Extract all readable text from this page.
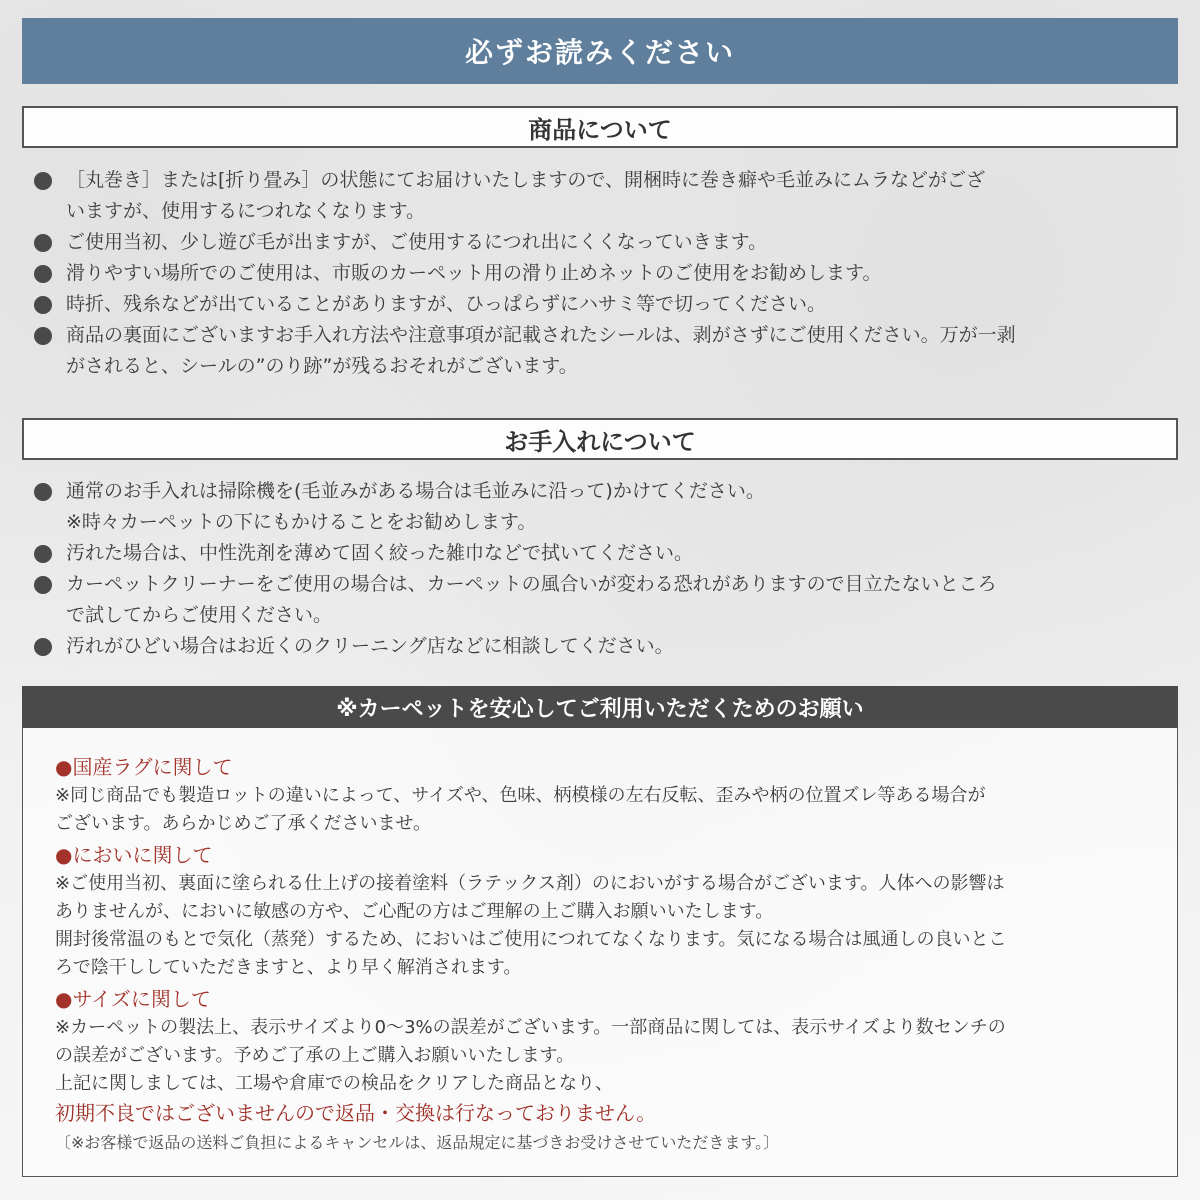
必ずお読みください
商品について
［丸巻き］または[折り畳み］の状態にてお届けいたしますので、開梱時に巻き癖や毛並みにムラなどがござ
いますが、使用するにつれなくなります。
ご使用当初、少し遊び毛が出ますが、ご使用するにつれ出にくくなっていきます。
滑りやすい場所でのご使用は、市販のカーペット用の滑り止めネットのご使用をお勧めします。
時折、残糸などが出ていることがありますが、ひっぱらずにハサミ等で切ってください。
商品の裏面にございますお手入れ方法や注意事項が記載されたシールは、剥がさずにご使用ください。万が一剥
がされると、シールの”のり跡”が残るおそれがございます。
お手入れについて
通常のお手入れは掃除機を(毛並みがある場合は毛並みに沿って)かけてください。
※時々カーペットの下にもかけることをお勧めします。
汚れた場合は、中性洗剤を薄めて固く絞った雑巾などで拭いてください。
カーペットクリーナーをご使用の場合は、カーペットの風合いが変わる恐れがありますので目立たないところ
で試してからご使用ください。
汚れがひどい場合はお近くのクリーニング店などに相談してください。
※カーペットを安心してご利用いただくためのお願い
●国産ラグに関して

※同じ商品でも製造ロットの違いによって、サイズや、色味、柄模様の左右反転、歪みや柄の位置ズレ等ある場合が

ございます。あらかじめご了承くださいませ。

●においに関して

※ご使用当初、裏面に塗られる仕上げの接着塗料（ラテックス剤）のにおいがする場合がございます。人体への影響は

ありませんが、においに敏感の方や、ご心配の方はご理解の上ご購入お願いいたします。

開封後常温のもとで気化（蒸発）するため、においはご使用につれてなくなります。気になる場合は風通しの良いとこ

ろで陰干ししていただきますと、より早く解消されます。

●サイズに関して

※カーペットの製法上、表示サイズより0～3%の誤差がございます。一部商品に関しては、表示サイズより数センチの

の誤差がございます。予めご了承の上ご購入お願いいたします。

上記に関しましては、工場や倉庫での検品をクリアした商品となり、

初期不良ではございませんので返品・交換は行なっておりません。

〔※お客様で返品の送料ご負担によるキャンセルは、返品規定に基づきお受けさせていただきます。〕
